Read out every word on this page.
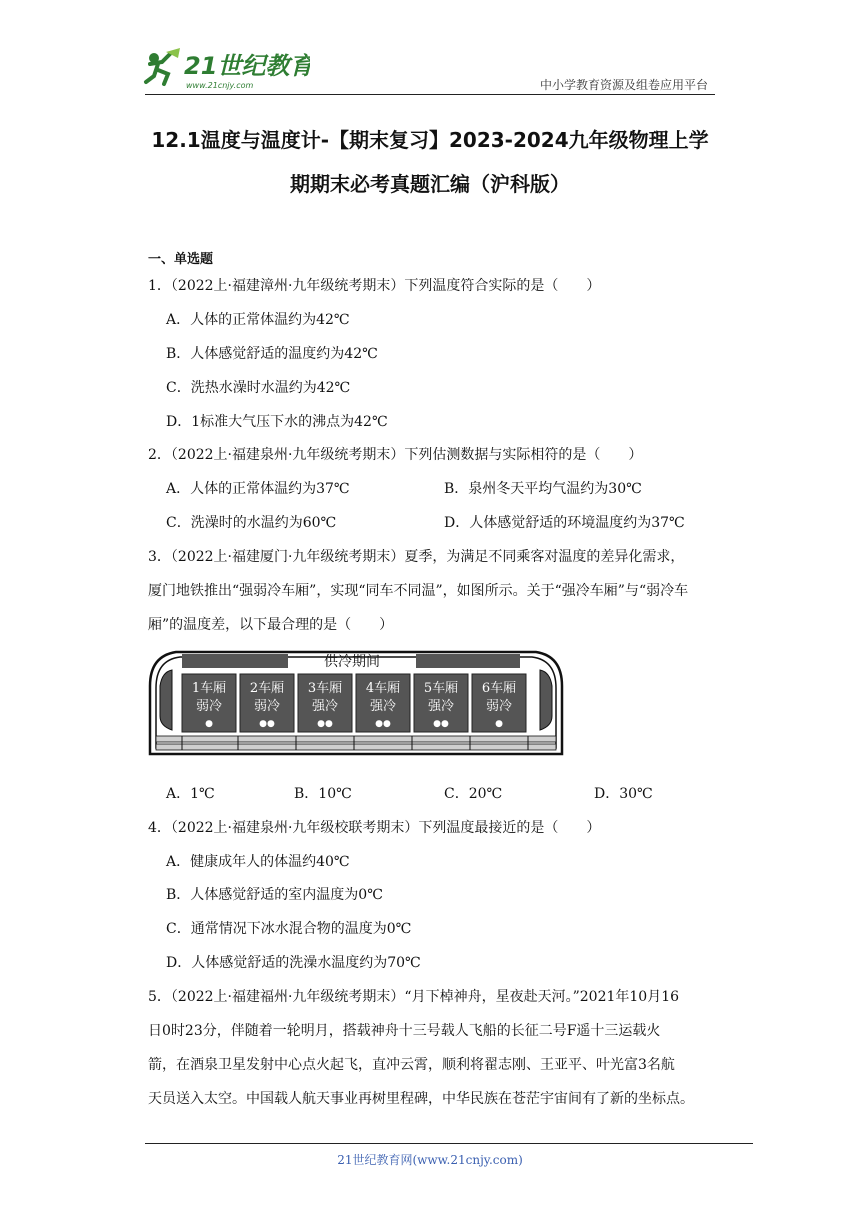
21世纪教育
www.21cnjy.com	中小学教育资源及组卷应用平台
12.1温度与温度计-【期末复习】2023-2024九年级物理上学
期期末必考真题汇编（沪科版）
一、单选题
1．（2022上·福建漳州·九年级统考期末）下列温度符合实际的是（　　）
A．人体的正常体温约为42℃
B．人体感觉舒适的温度约为42℃
C．洗热水澡时水温约为42℃
D．1标准大气压下水的沸点为42℃
2．（2022上·福建泉州·九年级统考期末）下列估测数据与实际相符的是（　　）
A．人体的正常体温约为37℃	B．泉州冬天平均气温约为30℃
C．洗澡时的水温约为60℃	D．人体感觉舒适的环境温度约为37℃
3．（2022上·福建厦门·九年级统考期末）夏季，为满足不同乘客对温度的差异化需求，
厦门地铁推出“强弱冷车厢”，实现“同车不同温”，如图所示。关于“强冷车厢”与“弱冷车
厢”的温度差，以下最合理的是（　　）
供冷期间
1车厢
弱冷
●
2车厢
弱冷
●●
3车厢
强冷
●●
4车厢
强冷
●●
5车厢
强冷
●●
6车厢
弱冷
●
A．1℃	B．10℃	C．20℃	D．30℃
4．（2022上·福建泉州·九年级校联考期末）下列温度最接近的是（　　）
A．健康成年人的体温约40℃
B．人体感觉舒适的室内温度为0℃
C．通常情况下冰水混合物的温度为0℃
D．人体感觉舒适的洗澡水温度约为70℃
5．（2022上·福建福州·九年级统考期末）“月下棹神舟，星夜赴天河。”2021年10月16
日0时23分，伴随着一轮明月，搭载神舟十三号载人飞船的长征二号F遥十三运载火
箭，在酒泉卫星发射中心点火起飞，直冲云霄，顺利将翟志刚、王亚平、叶光富3名航
天员送入太空。中国载人航天事业再树里程碑，中华民族在苍茫宇宙间有了新的坐标点。
21世纪教育网(www.21cnjy.com)
